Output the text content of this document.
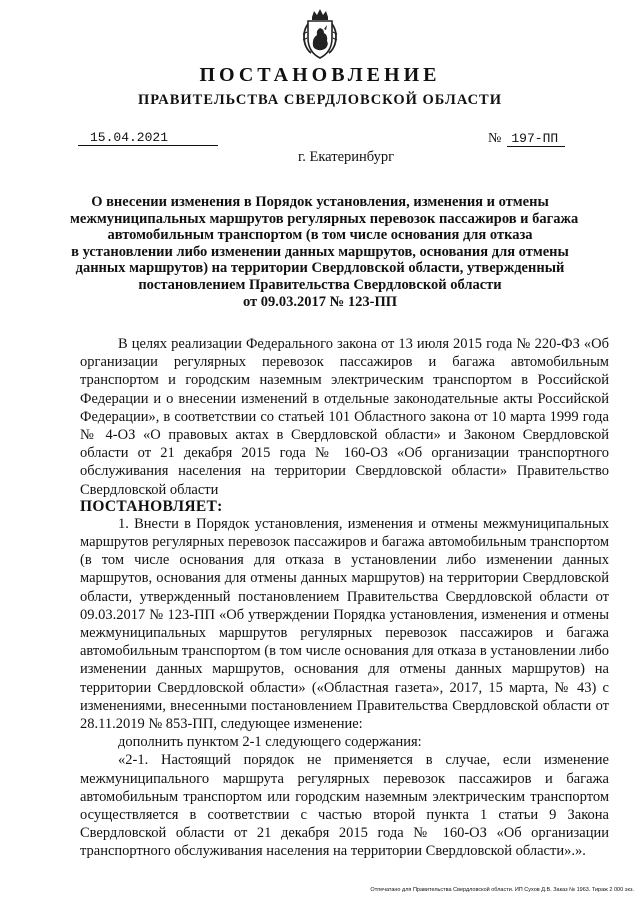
ПОСТАНОВЛЕНИЕ
ПРАВИТЕЛЬСТВА СВЕРДЛОВСКОЙ ОБЛАСТИ
15.04.2021	№ 197-ПП
г. Екатеринбург
О внесении изменения в Порядок установления, изменения и отмены
межмуниципальных маршрутов регулярных перевозок пассажиров и багажа
автомобильным транспортом (в том числе основания для отказа
в установлении либо изменении данных маршрутов, основания для отмены
данных маршрутов) на территории Свердловской области, утвержденный
постановлением Правительства Свердловской области
от 09.03.2017 № 123-ПП

В целях реализации Федерального закона от 13 июля 2015 года № 220-ФЗ «Об организации регулярных перевозок пассажиров и багажа автомобильным транспортом и городским наземным электрическим транспортом в Российской Федерации и о внесении изменений в отдельные законодательные акты Российской Федерации», в соответствии со статьей 101 Областного закона от 10 марта 1999 года № 4-ОЗ «О правовых актах в Свердловской области» и Законом Свердловской области от 21 декабря 2015 года № 160-ОЗ «Об организации транспортного обслуживания населения на территории Свердловской области» Правительство Свердловской области

ПОСТАНОВЛЯЕТ:

1. Внести в Порядок установления, изменения и отмены межмуниципальных маршрутов регулярных перевозок пассажиров и багажа автомобильным транспортом (в том числе основания для отказа в установлении либо изменении данных маршрутов, основания для отмены данных маршрутов) на территории Свердловской области, утвержденный постановлением Правительства Свердловской области от 09.03.2017 № 123-ПП «Об утверждении Порядка установления, изменения и отмены межмуниципальных маршрутов регулярных перевозок пассажиров и багажа автомобильным транспортом (в том числе основания для отказа в установлении либо изменении данных маршрутов, основания для отмены данных маршрутов) на территории Свердловской области» («Областная газета», 2017, 15 марта, № 43) с изменениями, внесенными постановлением Правительства Свердловской области от 28.11.2019 № 853-ПП, следующее изменение:

дополнить пунктом 2-1 следующего содержания:

«2-1. Настоящий порядок не применяется в случае, если изменение межмуниципального маршрута регулярных перевозок пассажиров и багажа автомобильным транспортом или городским наземным электрическим транспортом осуществляется в соответствии с частью второй пункта 1 статьи 9 Закона Свердловской области от 21 декабря 2015 года № 160-ОЗ «Об организации транспортного обслуживания населения на территории Свердловской области».».

Отпечатано для Правительства Свердловской области. ИП Сухов Д.В. Заказ № 1963. Тираж 2 000 экз.
